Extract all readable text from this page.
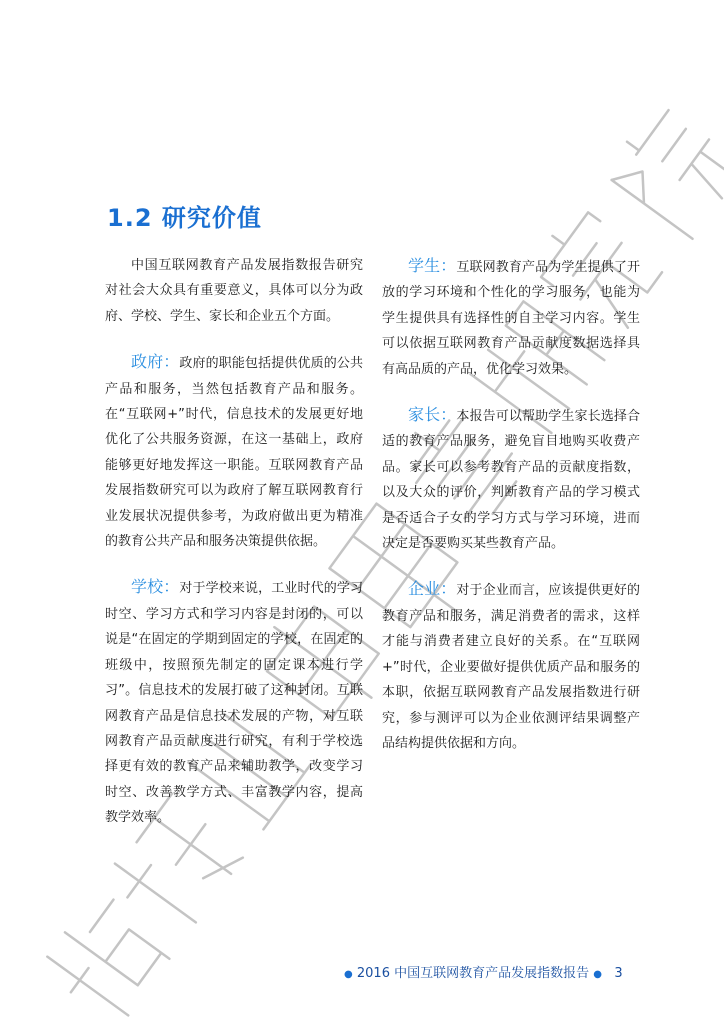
1.2 研究价值

中国互联网教育产品发展指数报告研究对社会大众具有重要意义，具体可以分为政府、学校、学生、家长和企业五个方面。

政府：政府的职能包括提供优质的公共产品和服务，当然包括教育产品和服务。在“互联网+”时代，信息技术的发展更好地优化了公共服务资源，在这一基础上，政府能够更好地发挥这一职能。互联网教育产品发展指数研究可以为政府了解互联网教育行业发展状况提供参考，为政府做出更为精准的教育公共产品和服务决策提供依据。

学校：对于学校来说，工业时代的学习时空、学习方式和学习内容是封闭的，可以说是“在固定的学期到固定的学校，在固定的班级中，按照预先制定的固定课本进行学习”。信息技术的发展打破了这种封闭。互联网教育产品是信息技术发展的产物，对互联网教育产品贡献度进行研究，有利于学校选择更有效的教育产品来辅助教学，改变学习时空、改善教学方式、丰富教学内容，提高教学效率。

学生：互联网教育产品为学生提供了开放的学习环境和个性化的学习服务，也能为学生提供具有选择性的自主学习内容。学生可以依据互联网教育产品贡献度数据选择具有高品质的产品，优化学习效果。

家长：本报告可以帮助学生家长选择合适的教育产品服务，避免盲目地购买收费产品。家长可以参考教育产品的贡献度指数，以及大众的评价，判断教育产品的学习模式是否适合子女的学习方式与学习环境，进而决定是否要购买某些教育产品。

企业：对于企业而言，应该提供更好的教育产品和服务，满足消费者的需求，这样才能与消费者建立良好的关系。在“互联网+”时代，企业要做好提供优质产品和服务的本职，依据互联网教育产品发展指数进行研究，参与测评可以为企业依测评结果调整产品结构提供依据和方向。

● 2016 中国互联网教育产品发展指数报告 ● 3
